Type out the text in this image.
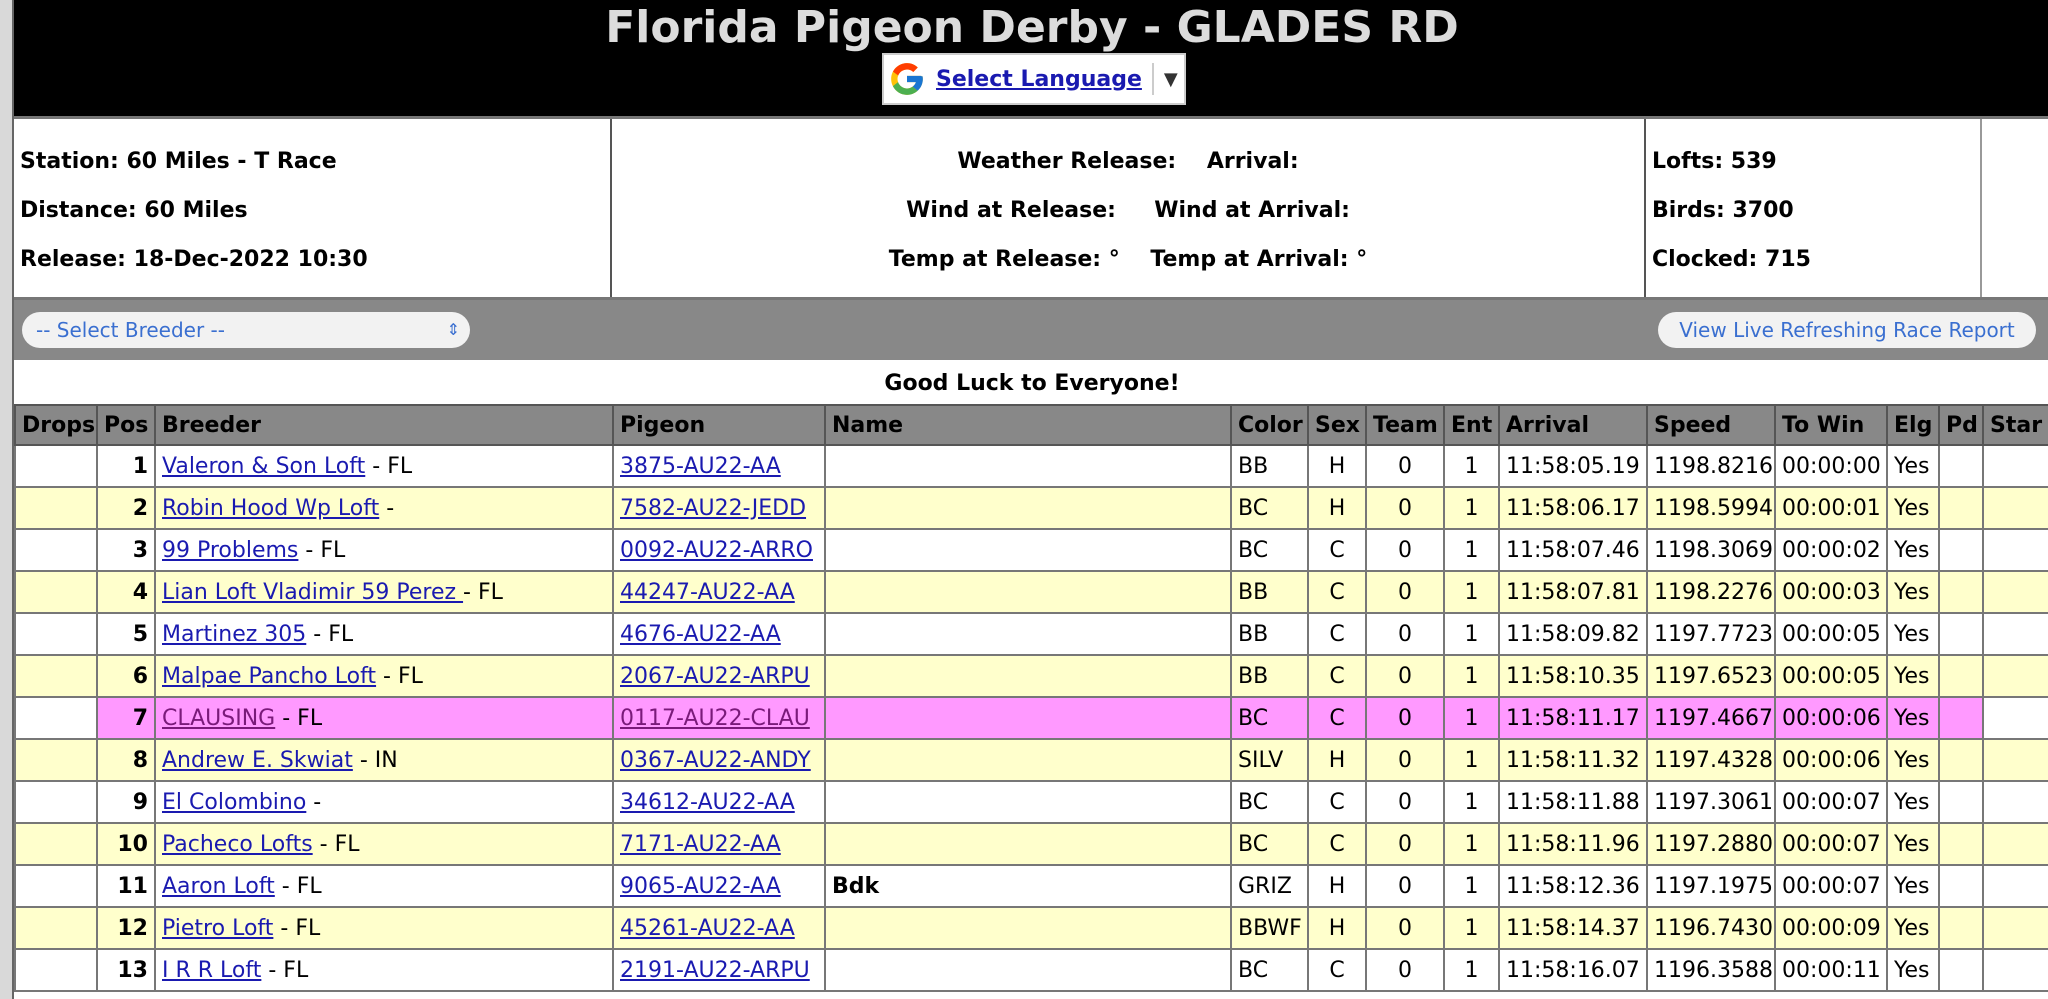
Florida Pigeon Derby - GLADES RD
Select Language ▼
Station: 60 Miles - T Race
Distance: 60 Miles
Release: 18-Dec-2022 10:30
Weather Release:    Arrival:
Wind at Release:     Wind at Arrival:
Temp at Release: °    Temp at Arrival: °
Lofts: 539
Birds: 3700
Clocked: 715
-- Select Breeder --	⇕	View Live Refreshing Race Report
Good Luck to Everyone!
Drops	Pos	Breeder	Pigeon	Name	Color	Sex	Team	Ent	Arrival	Speed	To Win	Elg	Pd	Star
	1	Valeron & Son Loft - FL	3875-AU22-AA		BB	H	0	1	11:58:05.19	1198.8216	00:00:00	Yes		
	2	Robin Hood Wp Loft -	7582-AU22-JEDD		BC	H	0	1	11:58:06.17	1198.5994	00:00:01	Yes		
	3	99 Problems - FL	0092-AU22-ARRO		BC	C	0	1	11:58:07.46	1198.3069	00:00:02	Yes		
	4	Lian Loft Vladimir 59 Perez - FL	44247-AU22-AA		BB	C	0	1	11:58:07.81	1198.2276	00:00:03	Yes		
	5	Martinez 305 - FL	4676-AU22-AA		BB	C	0	1	11:58:09.82	1197.7723	00:00:05	Yes		
	6	Malpae Pancho Loft - FL	2067-AU22-ARPU		BB	C	0	1	11:58:10.35	1197.6523	00:00:05	Yes		
	7	CLAUSING - FL	0117-AU22-CLAU		BC	C	0	1	11:58:11.17	1197.4667	00:00:06	Yes		
	8	Andrew E. Skwiat - IN	0367-AU22-ANDY		SILV	H	0	1	11:58:11.32	1197.4328	00:00:06	Yes		
	9	El Colombino -	34612-AU22-AA		BC	C	0	1	11:58:11.88	1197.3061	00:00:07	Yes		
	10	Pacheco Lofts - FL	7171-AU22-AA		BC	C	0	1	11:58:11.96	1197.2880	00:00:07	Yes		
	11	Aaron Loft - FL	9065-AU22-AA	Bdk	GRIZ	H	0	1	11:58:12.36	1197.1975	00:00:07	Yes		
	12	Pietro Loft - FL	45261-AU22-AA		BBWF	H	0	1	11:58:14.37	1196.7430	00:00:09	Yes		
	13	I R R Loft - FL	2191-AU22-ARPU		BC	C	0	1	11:58:16.07	1196.3588	00:00:11	Yes		
